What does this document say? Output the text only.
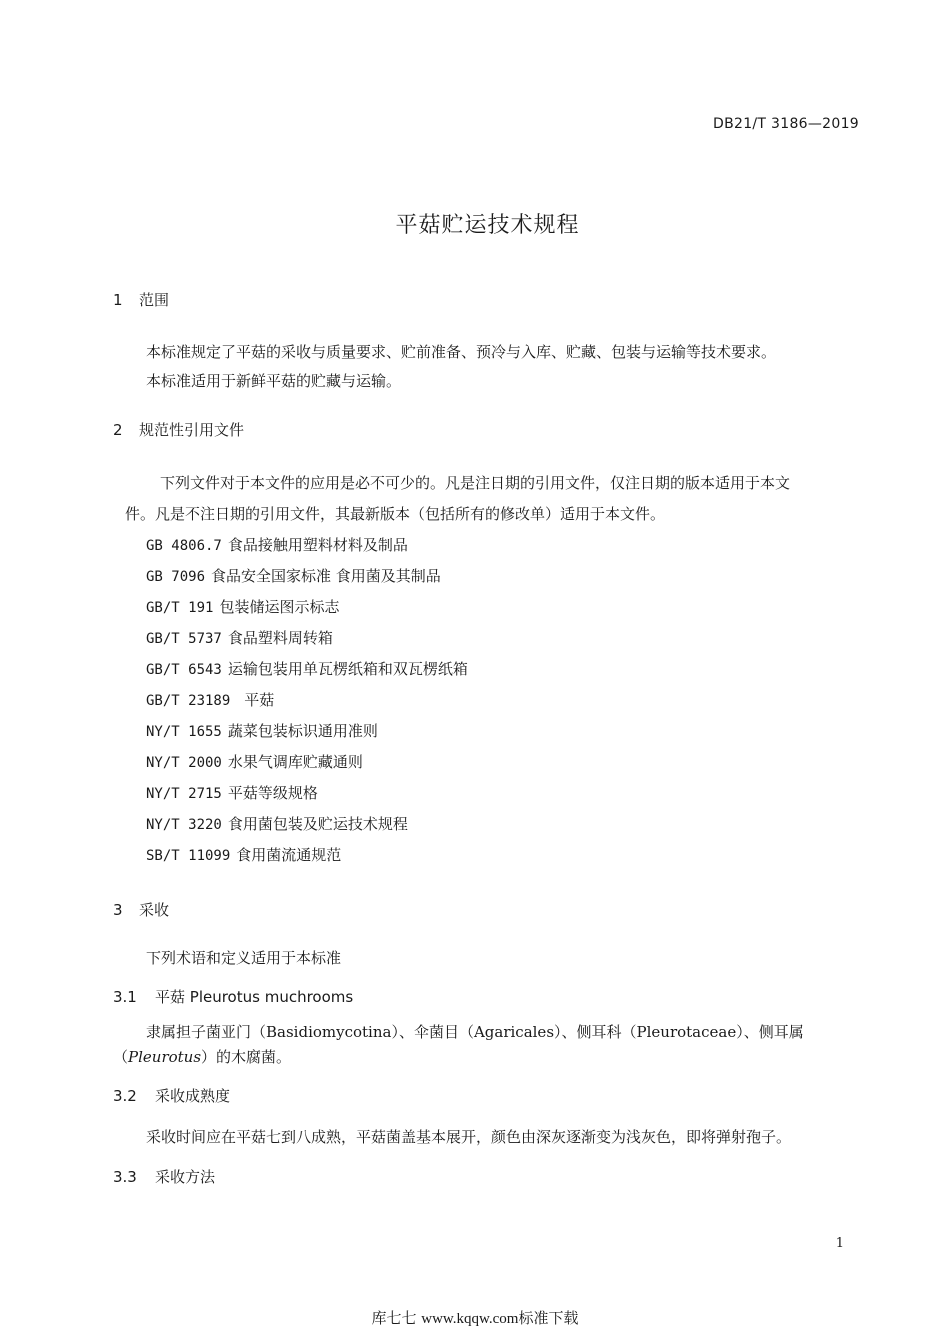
DB21/T 3186—2019
平菇贮运技术规程
1 范围
本标准规定了平菇的采收与质量要求、贮前准备、预冷与入库、贮藏、包装与运输等技术要求。
本标准适用于新鲜平菇的贮藏与运输。
2 规范性引用文件
下列文件对于本文件的应用是必不可少的。凡是注日期的引用文件，仅注日期的版本适用于本文
件。凡是不注日期的引用文件，其最新版本（包括所有的修改单）适用于本文件。
GB 4806.7 食品接触用塑料材料及制品
GB 7096 食品安全国家标准 食用菌及其制品
GB/T 191 包装储运图示标志
GB/T 5737 食品塑料周转箱
GB/T 6543 运输包装用单瓦楞纸箱和双瓦楞纸箱
GB/T 23189 平菇
NY/T 1655 蔬菜包装标识通用准则
NY/T 2000 水果气调库贮藏通则
NY/T 2715 平菇等级规格
NY/T 3220 食用菌包装及贮运技术规程
SB/T 11099 食用菌流通规范
3 采收
下列术语和定义适用于本标准
3.1 平菇 Pleurotus muchrooms
隶属担子菌亚门（Basidiomycotina）、伞菌目（Agaricales）、侧耳科（Pleurotaceae）、侧耳属（Pleurotus）的木腐菌。
3.2 采收成熟度
采收时间应在平菇七到八成熟，平菇菌盖基本展开，颜色由深灰逐渐变为浅灰色，即将弹射孢子。
3.3 采收方法
1
库七七 www.kqqw.com标准下载
